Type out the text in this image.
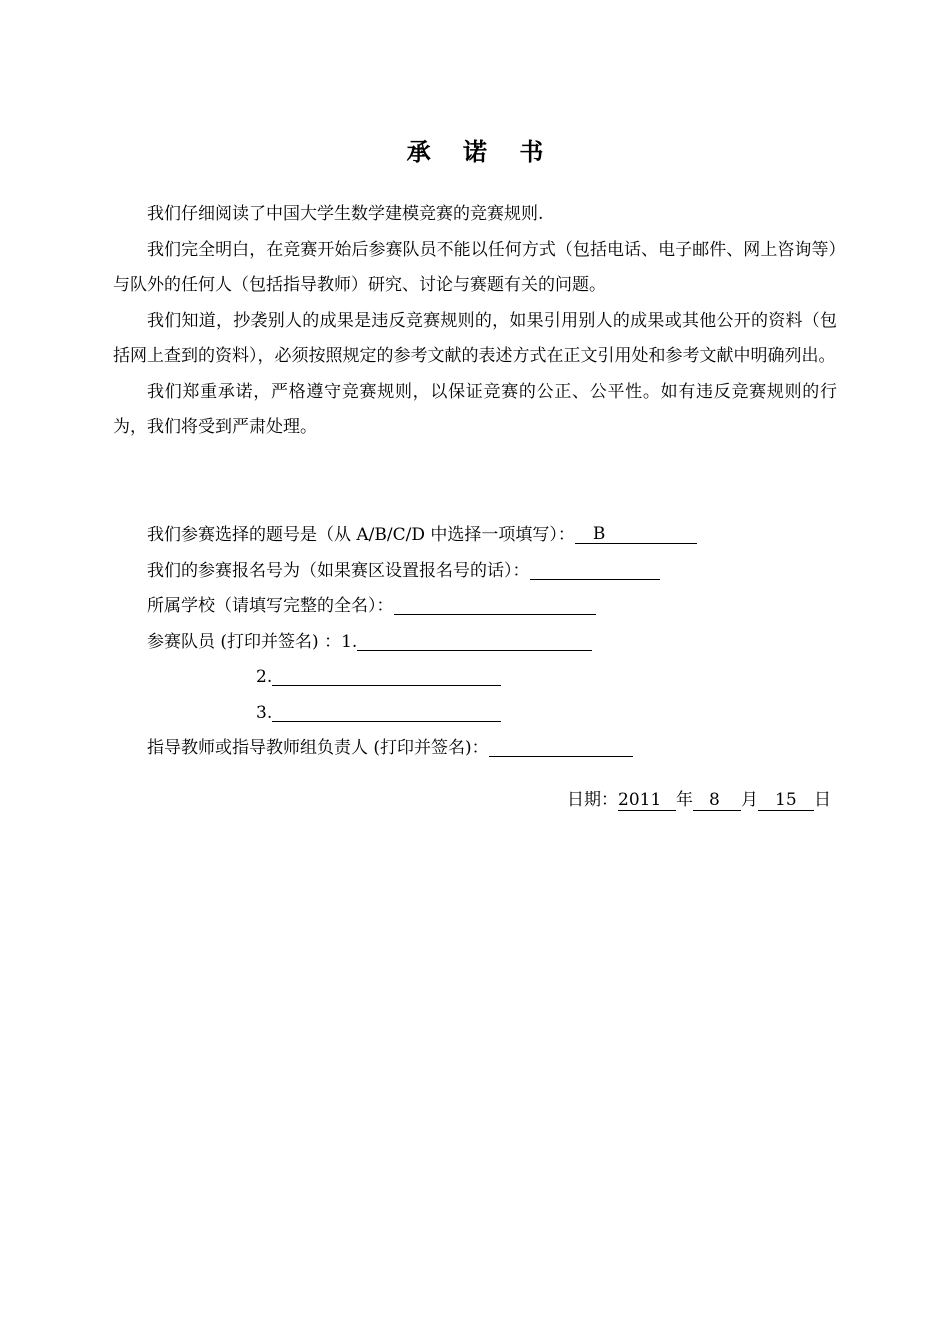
承 诺 书

我们仔细阅读了中国大学生数学建模竞赛的竞赛规则.

我们完全明白，在竞赛开始后参赛队员不能以任何方式（包括电话、电子邮件、网上咨询等）与队外的任何人（包括指导教师）研究、讨论与赛题有关的问题。

我们知道，抄袭别人的成果是违反竞赛规则的，如果引用别人的成果或其他公开的资料（包括网上查到的资料），必须按照规定的参考文献的表述方式在正文引用处和参考文献中明确列出。

我们郑重承诺，严格遵守竞赛规则，以保证竞赛的公正、公平性。如有违反竞赛规则的行为，我们将受到严肃处理。

我们参赛选择的题号是（从 A/B/C/D 中选择一项填写）： B
我们的参赛报名号为（如果赛区设置报名号的话）：
所属学校（请填写完整的全名）：
参赛队员 (打印并签名) ：1.
2.
3.
指导教师或指导教师组负责人 (打印并签名)：
日期：2011 年 8 月 15 日
